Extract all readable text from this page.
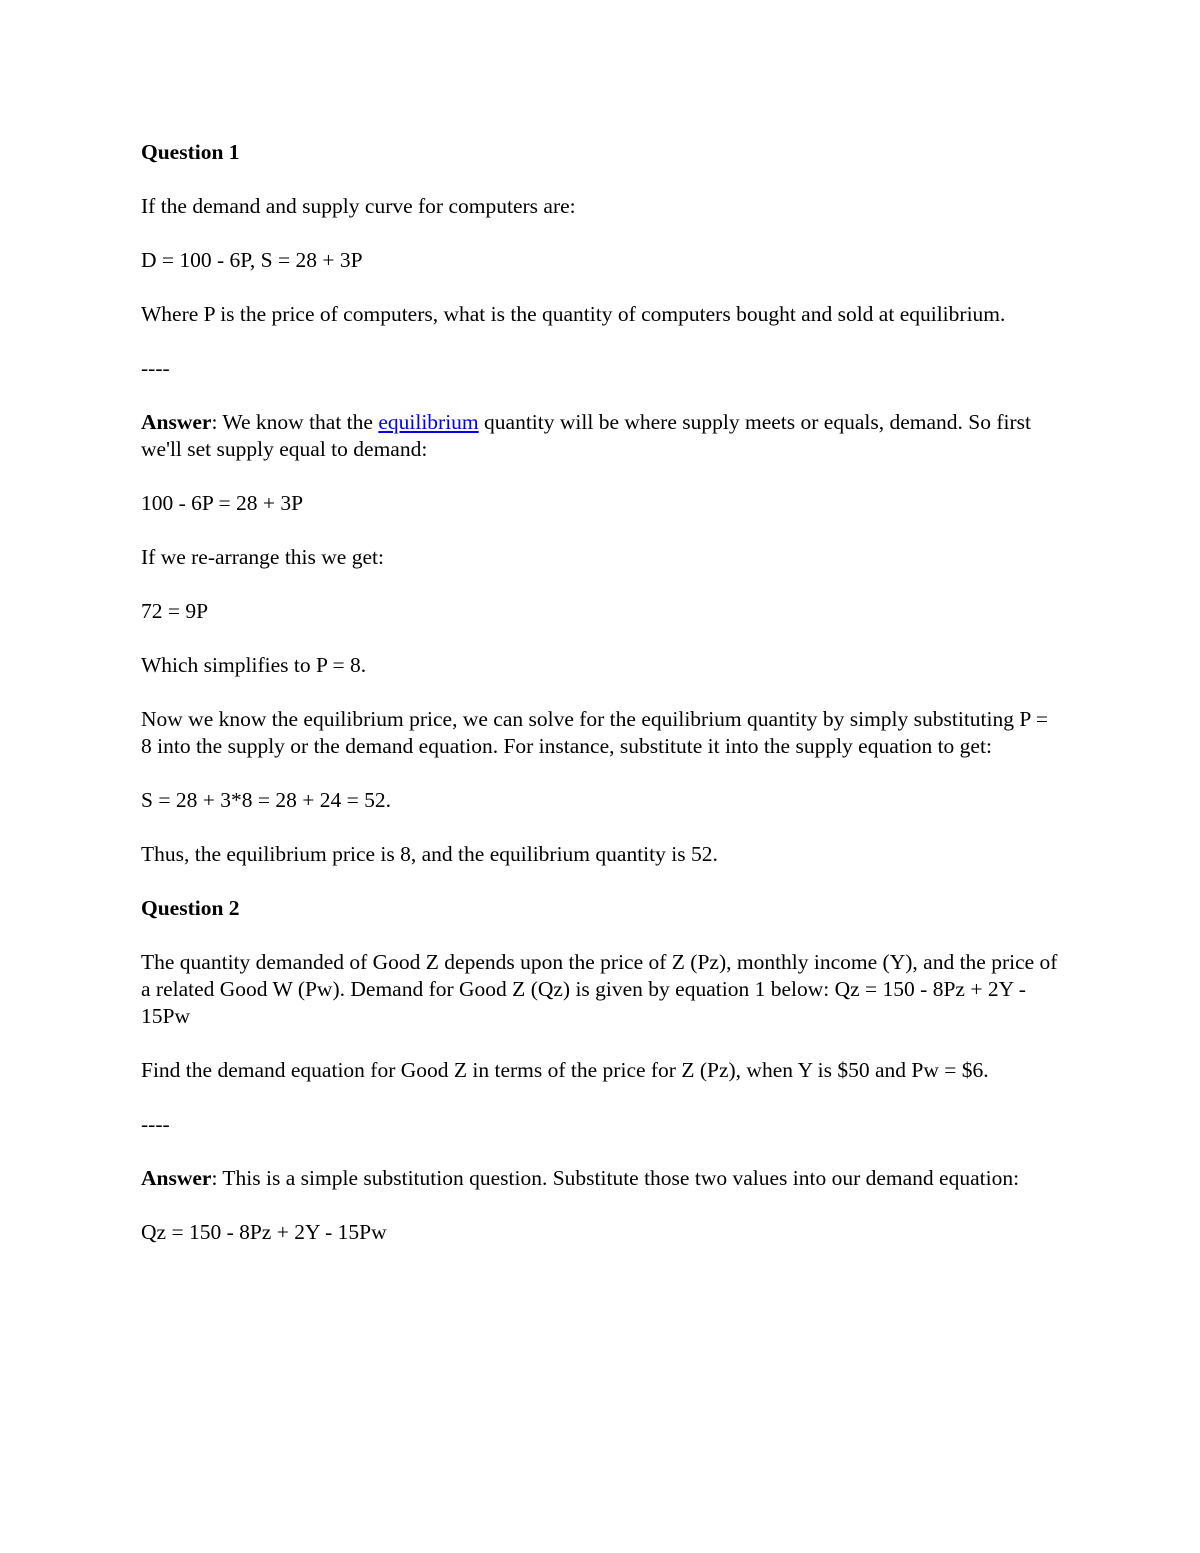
Question 1

If the demand and supply curve for computers are:

D = 100 - 6P, S = 28 + 3P

Where P is the price of computers, what is the quantity of computers bought and sold at equilibrium.

----

Answer: We know that the equilibrium quantity will be where supply meets or equals, demand. So first we'll set supply equal to demand:

100 - 6P = 28 + 3P

If we re-arrange this we get:

72 = 9P

Which simplifies to P = 8.

Now we know the equilibrium price, we can solve for the equilibrium quantity by simply substituting P = 8 into the supply or the demand equation. For instance, substitute it into the supply equation to get:

S = 28 + 3*8 = 28 + 24 = 52.

Thus, the equilibrium price is 8, and the equilibrium quantity is 52.

Question 2

The quantity demanded of Good Z depends upon the price of Z (Pz), monthly income (Y), and the price of a related Good W (Pw). Demand for Good Z (Qz) is given by equation 1 below: Qz = 150 - 8Pz + 2Y - 15Pw

Find the demand equation for Good Z in terms of the price for Z (Pz), when Y is $50 and Pw = $6.

----

Answer: This is a simple substitution question. Substitute those two values into our demand equation:

Qz = 150 - 8Pz + 2Y - 15Pw
